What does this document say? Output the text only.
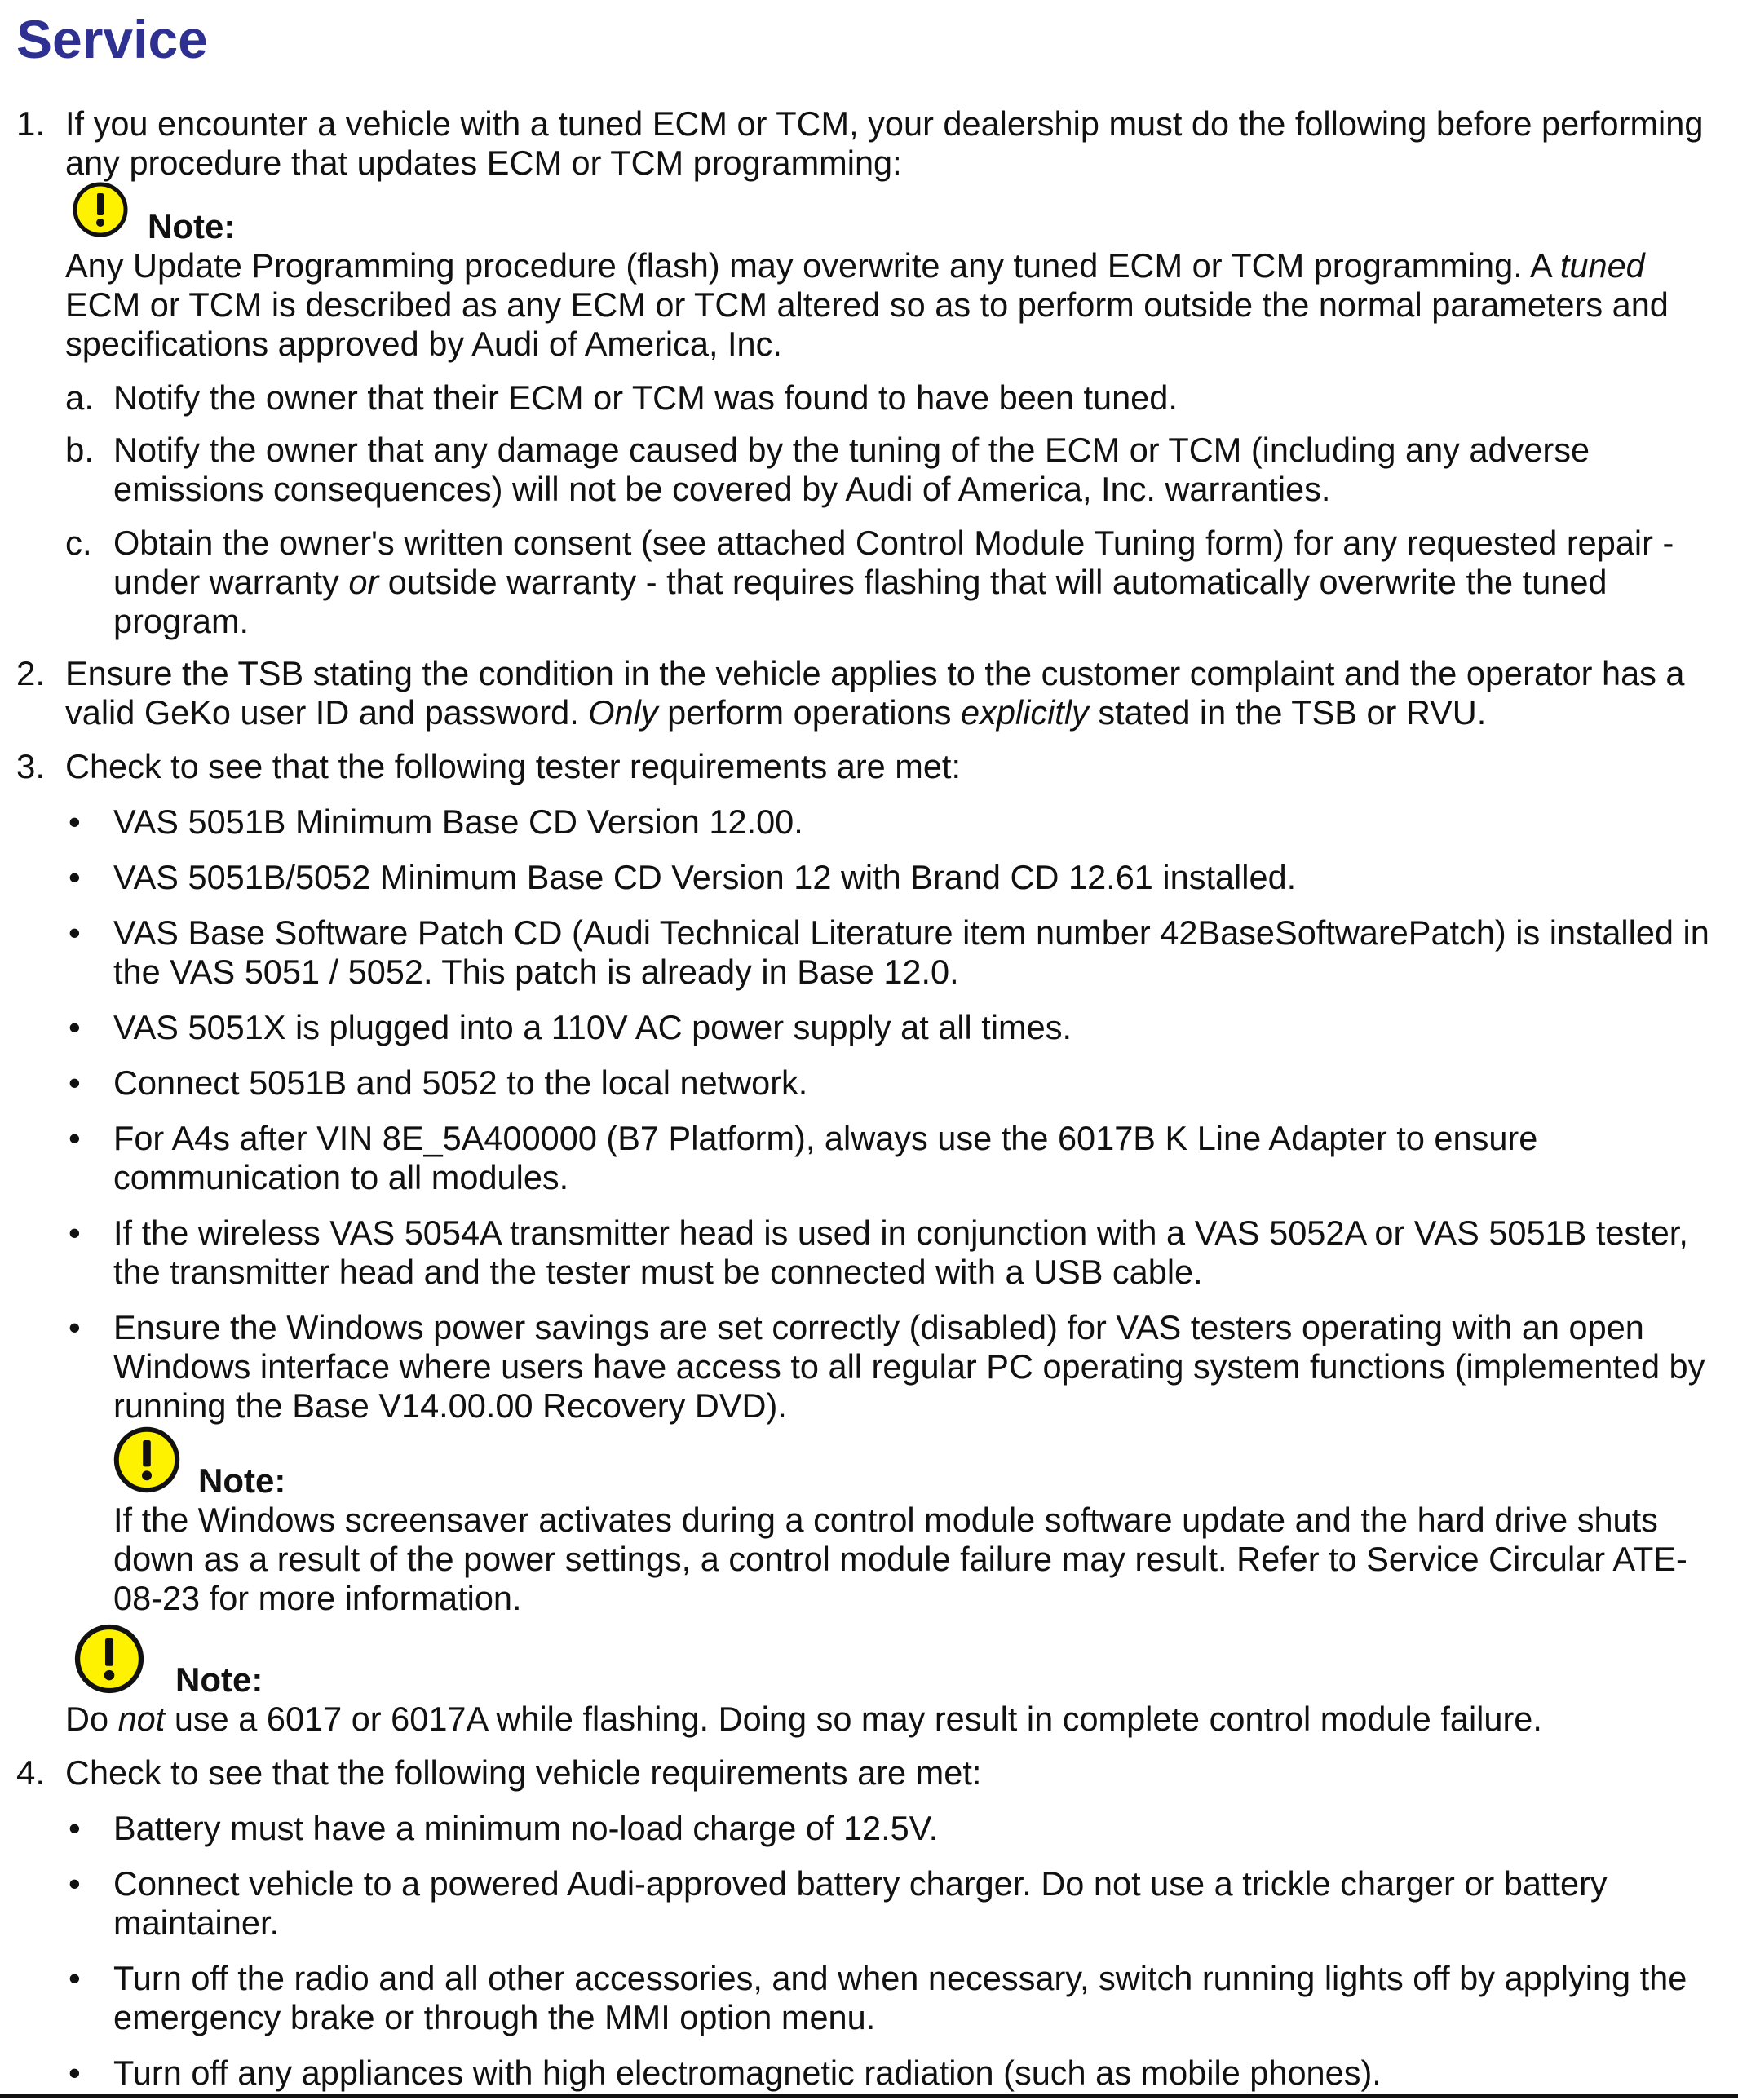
Service
1. If you encounter a vehicle with a tuned ECM or TCM, your dealership must do the following before performing
any procedure that updates ECM or TCM programming:
Note:
Any Update Programming procedure (flash) may overwrite any tuned ECM or TCM programming. A tuned
ECM or TCM is described as any ECM or TCM altered so as to perform outside the normal parameters and
specifications approved by Audi of America, Inc.
a. Notify the owner that their ECM or TCM was found to have been tuned.
b. Notify the owner that any damage caused by the tuning of the ECM or TCM (including any adverse
emissions consequences) will not be covered by Audi of America, Inc. warranties.
c. Obtain the owner's written consent (see attached Control Module Tuning form) for any requested repair -
under warranty or outside warranty - that requires flashing that will automatically overwrite the tuned
program.
2. Ensure the TSB stating the condition in the vehicle applies to the customer complaint and the operator has a
valid GeKo user ID and password. Only perform operations explicitly stated in the TSB or RVU.
3. Check to see that the following tester requirements are met:
• VAS 5051B Minimum Base CD Version 12.00.
• VAS 5051B/5052 Minimum Base CD Version 12 with Brand CD 12.61 installed.
• VAS Base Software Patch CD (Audi Technical Literature item number 42BaseSoftwarePatch) is installed in
the VAS 5051 / 5052. This patch is already in Base 12.0.
• VAS 5051X is plugged into a 110V AC power supply at all times.
• Connect 5051B and 5052 to the local network.
• For A4s after VIN 8E_5A400000 (B7 Platform), always use the 6017B K Line Adapter to ensure
communication to all modules.
• If the wireless VAS 5054A transmitter head is used in conjunction with a VAS 5052A or VAS 5051B tester,
the transmitter head and the tester must be connected with a USB cable.
• Ensure the Windows power savings are set correctly (disabled) for VAS testers operating with an open
Windows interface where users have access to all regular PC operating system functions (implemented by
running the Base V14.00.00 Recovery DVD).
Note:
If the Windows screensaver activates during a control module software update and the hard drive shuts
down as a result of the power settings, a control module failure may result. Refer to Service Circular ATE-
08-23 for more information.
Note:
Do not use a 6017 or 6017A while flashing. Doing so may result in complete control module failure.
4. Check to see that the following vehicle requirements are met:
• Battery must have a minimum no-load charge of 12.5V.
• Connect vehicle to a powered Audi-approved battery charger. Do not use a trickle charger or battery
maintainer.
• Turn off the radio and all other accessories, and when necessary, switch running lights off by applying the
emergency brake or through the MMI option menu.
• Turn off any appliances with high electromagnetic radiation (such as mobile phones).
